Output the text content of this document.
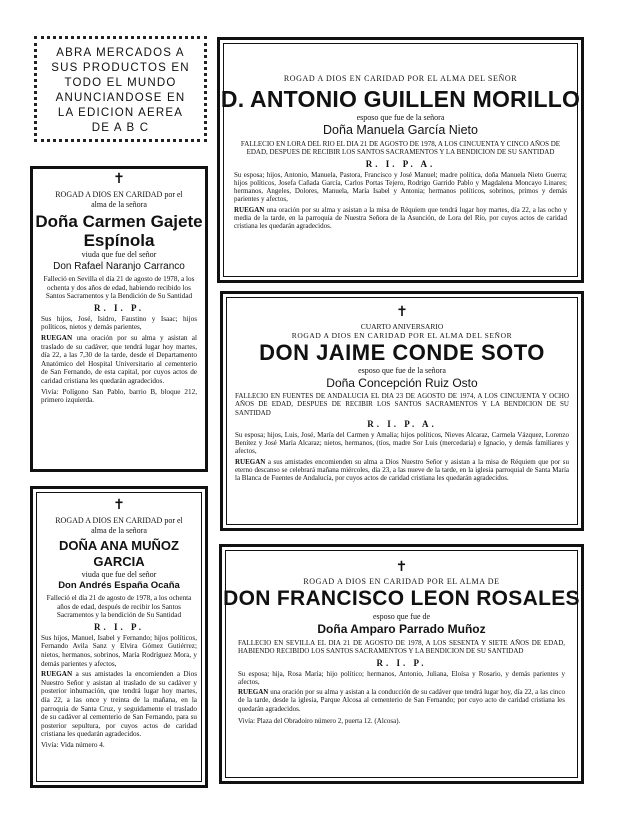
ABRA MERCADOS A
SUS PRODUCTOS EN
TODO EL MUNDO
ANUNCIANDOSE EN
LA EDICION AEREA
DE A B C
✝
ROGAD A DIOS EN CARIDAD por el alma de la señora
Doña Carmen Gajete
Espínola
viuda que fue del señor
Don Rafael Naranjo Carranco
Falleció en Sevilla el día 21 de agosto de 1978, a los ochenta y dos años de edad, habiendo recibido los Santos Sacramentos y la Bendición de Su Santidad
R. I. P.
Sus hijos, José, Isidro, Faustino y Isaac; hijos políticos, nietos y demás parientes,
RUEGAN una oración por su alma y asistan al traslado de su cadáver, que tendrá lugar hoy martes, día 22, a las 7,30 de la tarde, desde el Departamento Anatómico del Hospital Universitario al cementerio de San Fernando, de esta capital, por cuyos actos de caridad cristiana les quedarán agradecidos.
Vivía: Polígono San Pablo, barrio B, bloque 212, primero izquierda.
✝
ROGAD A DIOS EN CARIDAD por el alma de la señora
DOÑA ANA MUÑOZ GARCIA
viuda que fue del señor
Don Andrés España Ocaña
Falleció el día 21 de agosto de 1978, a los ochenta años de edad, después de recibir los Santos Sacramentos y la bendición de Su Santidad
R. I. P.
Sus hijos, Manuel, Isabel y Fernando; hijos políticos, Fernando Avila Sanz y Elvira Gómez Gutiérrez; nietos, hermanos, sobrinos, María Rodríguez Mora, y demás parientes y afectos,
RUEGAN a sus amistades la encomienden a Dios Nuestro Señor y asistan al traslado de su cadáver y posterior inhumación, que tendrá lugar hoy martes, día 22, a las once y treinta de la mañana, en la parroquia de Santa Cruz, y seguidamente el traslado de su cadáver al cementerio de San Fernando, para su posterior sepultura, por cuyos actos de caridad cristiana les quedarán agradecidos.
Vivía: Vida número 4.
ROGAD A DIOS EN CARIDAD POR EL ALMA DEL SEÑOR
D. ANTONIO GUILLEN MORILLO
esposo que fue de la señora
Doña Manuela García Nieto
FALLECIO EN LORA DEL RIO EL DIA 21 DE AGOSTO DE 1978, A LOS CINCUENTA Y CINCO AÑOS DE EDAD, DESPUES DE RECIBIR LOS SANTOS SACRAMENTOS Y LA BENDICION DE SU SANTIDAD
R. I. P. A.
Su esposa; hijos, Antonio, Manuela, Pastora, Francisco y José Manuel; madre política, doña Manuela Nieto Guerra; hijos políticos, Josefa Cañada García, Carlos Portas Tejero, Rodrigo Garrido Pablo y Magdalena Moncayo Linares; hermanos, Angeles, Dolores, Manuela, María Isabel y Antonia; hermanos políticos, sobrinos, primos y demás parientes y afectos,
RUEGAN una oración por su alma y asistan a la misa de Réquiem que tendrá lugar hoy martes, día 22, a las ocho y media de la tarde, en la parroquia de Nuestra Señora de la Asunción, de Lora del Río, por cuyos actos de caridad cristiana les quedarán agradecidos.
✝
CUARTO ANIVERSARIO
ROGAD A DIOS EN CARIDAD POR EL ALMA DEL SEÑOR
DON JAIME CONDE SOTO
esposo que fue de la señora
Doña Concepción Ruiz Osto
FALLECIO EN FUENTES DE ANDALUCIA EL DIA 23 DE AGOSTO DE 1974, A LOS CINCUENTA Y OCHO AÑOS DE EDAD, DESPUES DE RECIBIR LOS SANTOS SACRAMENTOS Y LA BENDICION DE SU SANTIDAD
R. I. P. A.
Su esposa; hijos, Luis, José, María del Carmen y Amalia; hijos políticos, Nieves Alcaraz, Carmela Vázquez, Lorenzo Benítez y José María Alcaraz; nietos, hermanos, (tíos, madre Sor Luis (mercedaria) e Ignacio, y demás familiares y afectos,
RUEGAN a sus amistades encomienden su alma a Dios Nuestro Señor y asistan a la misa de Réquiem que por su eterno descanso se celebrará mañana miércoles, día 23, a las nueve de la tarde, en la iglesia parroquial de Santa María la Blanca de Fuentes de Andalucía, por cuyos actos de caridad cristiana les quedarán agradecidos.
✝
ROGAD A DIOS EN CARIDAD POR EL ALMA DE
DON FRANCISCO LEON ROSALES
esposo que fue de
Doña Amparo Parrado Muñoz
FALLECIO EN SEVILLA EL DIA 21 DE AGOSTO DE 1978, A LOS SESENTA Y SIETE AÑOS DE EDAD, HABIENDO RECIBIDO LOS SANTOS SACRAMENTOS Y LA BENDICION DE SU SANTIDAD
R. I. P.
Su esposa; hija, Rosa María; hijo político; hermanos, Antonio, Juliana, Eloísa y Rosario, y demás parientes y afectos,
RUEGAN una oración por su alma y asistan a la conducción de su cadáver que tendrá lugar hoy, día 22, a las cinco de la tarde, desde la iglesia, Parque Alcosa al cementerio de San Fernando; por cuyo acto de caridad cristiana les quedarán agradecidos.
Vivía: Plaza del Obradoiro número 2, puerta 12. (Alcosa).
